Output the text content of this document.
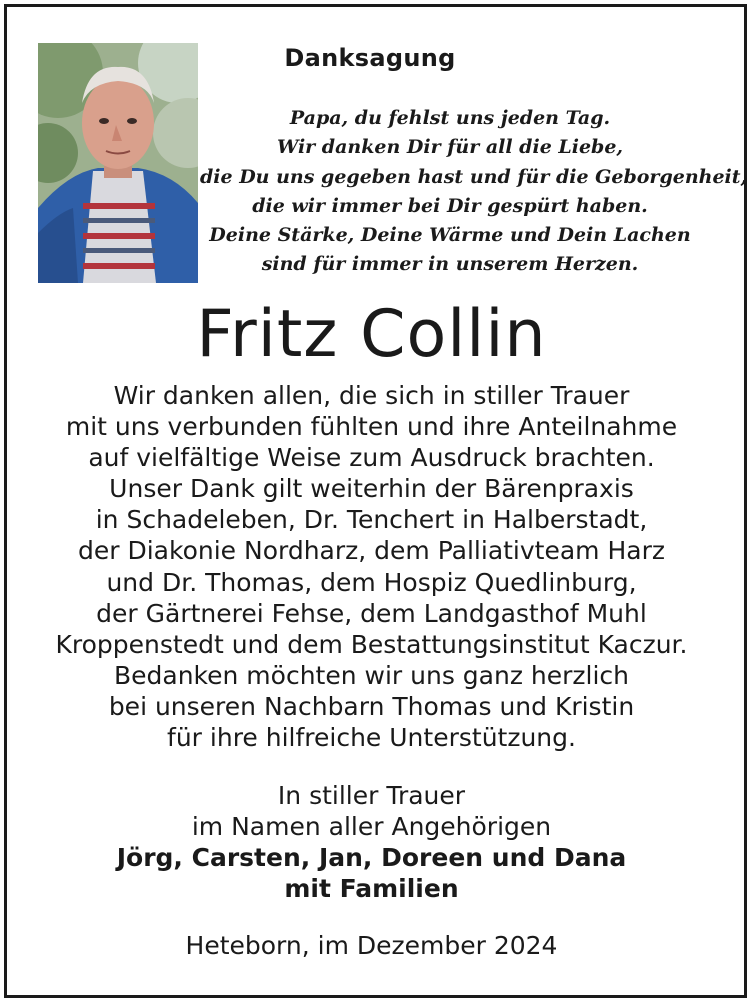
Danksagung
Papa, du fehlst uns jeden Tag.
Wir danken Dir für all die Liebe,
die Du uns gegeben hast und für die Geborgenheit,
die wir immer bei Dir gespürt haben.
Deine Stärke, Deine Wärme und Dein Lachen
sind für immer in unserem Herzen.
Fritz Collin
Wir danken allen, die sich in stiller Trauer
mit uns verbunden fühlten und ihre Anteilnahme
auf vielfältige Weise zum Ausdruck brachten.
Unser Dank gilt weiterhin der Bärenpraxis
in Schadeleben, Dr. Tenchert in Halberstadt,
der Diakonie Nordharz, dem Palliativteam Harz
und Dr. Thomas, dem Hospiz Quedlinburg,
der Gärtnerei Fehse, dem Landgasthof Muhl
Kroppenstedt und dem Bestattungsinstitut Kaczur.
Bedanken möchten wir uns ganz herzlich
bei unseren Nachbarn Thomas und Kristin
für ihre hilfreiche Unterstützung.
In stiller Trauer
im Namen aller Angehörigen
Jörg, Carsten, Jan, Doreen und Dana
mit Familien
Heteborn, im Dezember 2024
